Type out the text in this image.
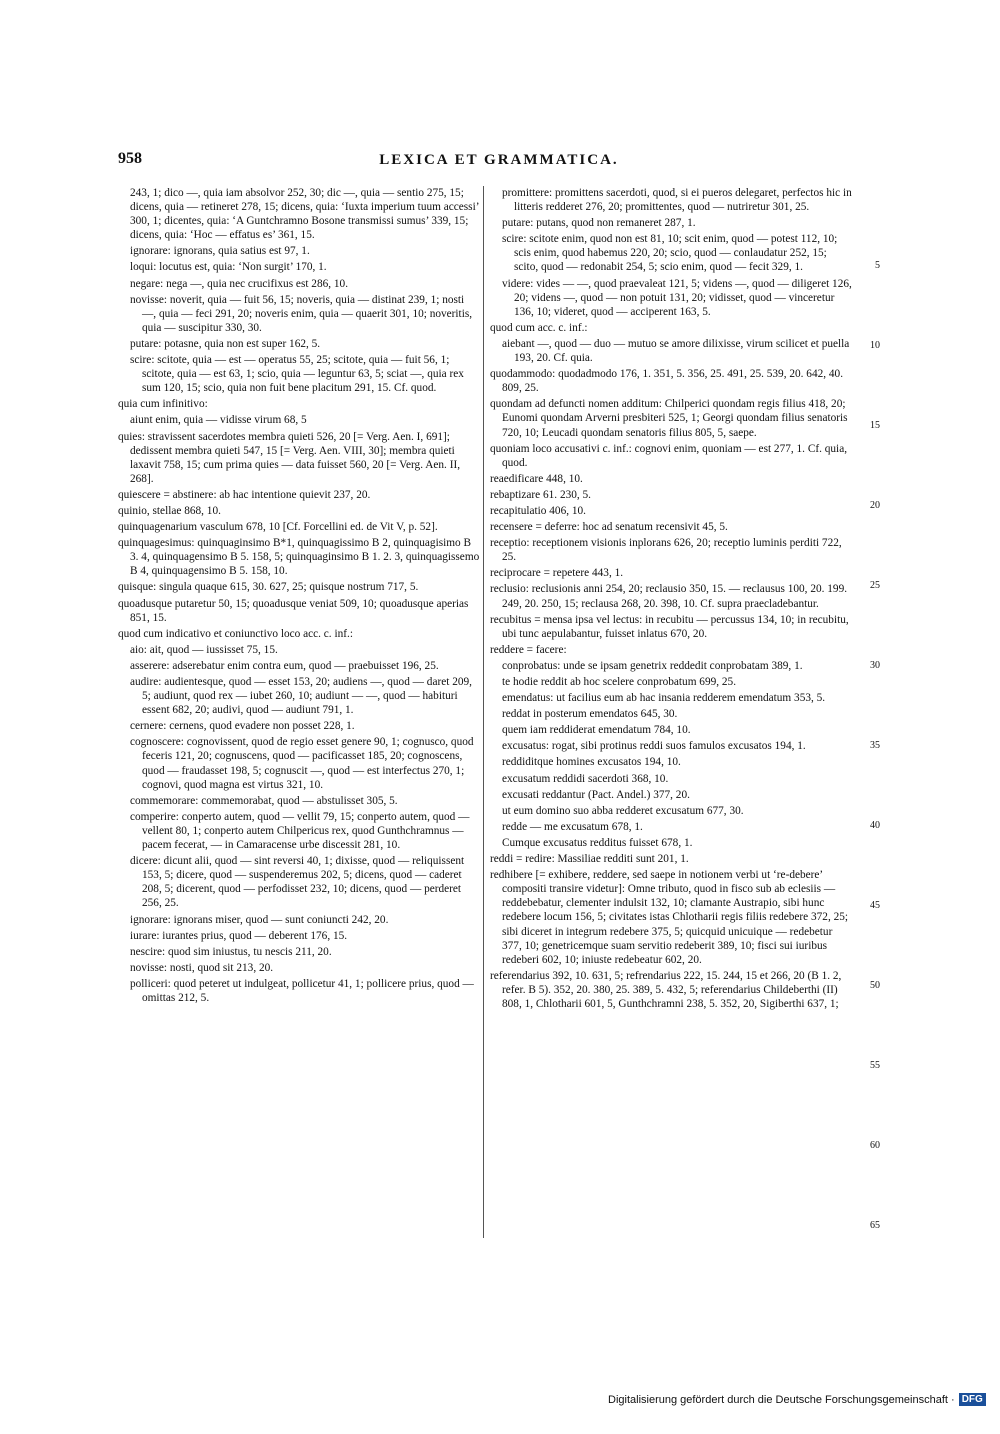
958	LEXICA ET GRAMMATICA.

243, 1; dico —, quia iam absolvor 252, 30; dic —, quia — sentio 275, 15; dicens, quia — retineret 278, 15; dicens, quia: ‘Iuxta imperium tuum accessi’ 300, 1; dicentes, quia: ‘A Guntchramno Bosone transmissi sumus’ 339, 15; dicens, quia: ‘Hoc — effatus es’ 361, 15.

ignorare: ignorans, quia satius est 97, 1.

loqui: locutus est, quia: ‘Non surgit’ 170, 1.

negare: nega —, quia nec crucifixus est 286, 10.

novisse: noverit, quia — fuit 56, 15; noveris, quia — distinat 239, 1; nosti —, quia — feci 291, 20; noveris enim, quia — quaerit 301, 10; noveritis, quia — suscipitur 330, 30.

putare: potasne, quia non est super 162, 5.

scire: scitote, quia — est — operatus 55, 25; scitote, quia — fuit 56, 1; scitote, quia — est 63, 1; scio, quia — leguntur 63, 5; sciat —, quia rex sum 120, 15; scio, quia non fuit bene placitum 291, 15. Cf. quod.

quia cum infinitivo:

aiunt enim, quia — vidisse virum 68, 5

quies: stravissent sacerdotes membra quieti 526, 20 [= Verg. Aen. I, 691]; dedissent membra quieti 547, 15 [= Verg. Aen. VIII, 30]; membra quieti laxavit 758, 15; cum prima quies — data fuisset 560, 20 [= Verg. Aen. II, 268].

quiescere = abstinere: ab hac intentione quievit 237, 20.

quinio, stellae 868, 10.

quinquagenarium vasculum 678, 10 [Cf. Forcellini ed. de Vit V, p. 52].

quinquagesimus: quinquaginsimo B*1, quinquagissimo B 2, quinquagisimo B 3. 4, quinquagensimo B 5. 158, 5; quinquaginsimo B 1. 2. 3, quinquagissemo B 4, quinquagensimo B 5. 158, 10.

quisque: singula quaque 615, 30. 627, 25; quisque nostrum 717, 5.

quoadusque putaretur 50, 15; quoadusque veniat 509, 10; quoadusque aperias 851, 15.

quod cum indicativo et coniunctivo loco acc. c. inf.:

aio: ait, quod — iussisset 75, 15.

asserere: adserebatur enim contra eum, quod — praebuisset 196, 25.

audire: audientesque, quod — esset 153, 20; audiens —, quod — daret 209, 5; audiunt, quod rex — iubet 260, 10; audiunt — —, quod — habituri essent 682, 20; audivi, quod — audiunt 791, 1.

cernere: cernens, quod evadere non posset 228, 1.

cognoscere: cognovissent, quod de regio esset genere 90, 1; cognusco, quod feceris 121, 20; cognuscens, quod — pacificasset 185, 20; cognoscens, quod — fraudasset 198, 5; cognuscit —, quod — est interfectus 270, 1; cognovi, quod magna est virtus 321, 10.

commemorare: commemorabat, quod — abstulisset 305, 5.

comperire: conperto autem, quod — vellit 79, 15; conperto autem, quod — vellent 80, 1; conperto autem Chilpericus rex, quod Gunthchramnus — pacem fecerat, — in Camaracense urbe discessit 281, 10.

dicere: dicunt alii, quod — sint reversi 40, 1; dixisse, quod — reliquissent 153, 5; dicere, quod — suspenderemus 202, 5; dicens, quod — caderet 208, 5; dicerent, quod — perfodisset 232, 10; dicens, quod — perderet 256, 25.

ignorare: ignorans miser, quod — sunt coniuncti 242, 20.

iurare: iurantes prius, quod — deberent 176, 15.

nescire: quod sim iniustus, tu nescis 211, 20.

novisse: nosti, quod sit 213, 20.

polliceri: quod peteret ut indulgeat, pollicetur 41, 1; pollicere prius, quod — omittas 212, 5.

promittere: promittens sacerdoti, quod, si ei pueros delegaret, perfectos hic in litteris redderet 276, 20; promittentes, quod — nutriretur 301, 25.

putare: putans, quod non remaneret 287, 1.

scire: scitote enim, quod non est 81, 10; scit enim, quod — potest 112, 10; scis enim, quod habemus 220, 20; scio, quod — conlaudatur 252, 15; scito, quod — redonabit 254, 5; scio enim, quod — fecit 329, 1.

videre: vides — —, quod praevaleat 121, 5; videns —, quod — diligeret 126, 20; videns —, quod — non potuit 131, 20; vidisset, quod — vinceretur 136, 10; videret, quod — acciperent 163, 5.

quod cum acc. c. inf.:

aiebant —, quod — duo — mutuo se amore dilixisse, virum scilicet et puella 193, 20. Cf. quia.

quodammodo: quodadmodo 176, 1. 351, 5. 356, 25. 491, 25. 539, 20. 642, 40. 809, 25.

quondam ad defuncti nomen additum: Chilperici quondam regis filius 418, 20; Eunomi quondam Arverni presbiteri 525, 1; Georgi quondam filius senatoris 720, 10; Leucadi quondam senatoris filius 805, 5, saepe.

quoniam loco accusativi c. inf.: cognovi enim, quoniam — est 277, 1. Cf. quia, quod.

reaedificare 448, 10.

rebaptizare 61. 230, 5.

recapitulatio 406, 10.

recensere = deferre: hoc ad senatum recensivit 45, 5.

receptio: receptionem visionis inplorans 626, 20; receptio luminis perditi 722, 25.

reciprocare = repetere 443, 1.

reclusio: reclusionis anni 254, 20; reclausio 350, 15. — reclausus 100, 20. 199. 249, 20. 250, 15; reclausa 268, 20. 398, 10. Cf. supra praecladebantur.

recubitus = mensa ipsa vel lectus: in recubitu — percussus 134, 10; in recubitu, ubi tunc aepulabantur, fuisset inlatus 670, 20.

reddere = facere:

conprobatus: unde se ipsam genetrix reddedit conprobatam 389, 1.

te hodie reddit ab hoc scelere conprobatum 699, 25.

emendatus: ut facilius eum ab hac insania redderem emendatum 353, 5.

reddat in posterum emendatos 645, 30.

quem iam reddiderat emendatum 784, 10.

excusatus: rogat, sibi protinus reddi suos famulos excusatos 194, 1.

reddiditque homines excusatos 194, 10.

excusatum reddidi sacerdoti 368, 10.

excusati reddantur (Pact. Andel.) 377, 20.

ut eum domino suo abba redderet excusatum 677, 30.

redde — me excusatum 678, 1.

Cumque excusatus redditus fuisset 678, 1.

reddi = redire: Massiliae redditi sunt 201, 1.

redhibere [= exhibere, reddere, sed saepe in notionem verbi ut ‘re-debere’ compositi transire videtur]: Omne tributo, quod in fisco sub ab eclesiis — reddebebatur, clementer indulsit 132, 10; clamante Austrapio, sibi hunc redebere locum 156, 5; civitates istas Chlotharii regis filiis redebere 372, 25; sibi diceret in integrum redebere 375, 5; quicquid unicuique — redebetur 377, 10; genetricemque suam servitio redeberit 389, 10; fisci sui iuribus redeberi 602, 10; iniuste redebeatur 602, 20.

referendarius 392, 10. 631, 5; refrendarius 222, 15. 244, 15 et 266, 20 (B 1. 2, refer. B 5). 352, 20. 380, 25. 389, 5. 432, 5; referendarius Childeberthi (II) 808, 1, Chlotharii 601, 5, Gunthchramni 238, 5. 352, 20, Sigiberthi 637, 1;

5
10
15
20
25
30
35
40
45
50
55
60
65
Digitalisierung gefördert durch die Deutsche Forschungsgemeinschaft · DFG
